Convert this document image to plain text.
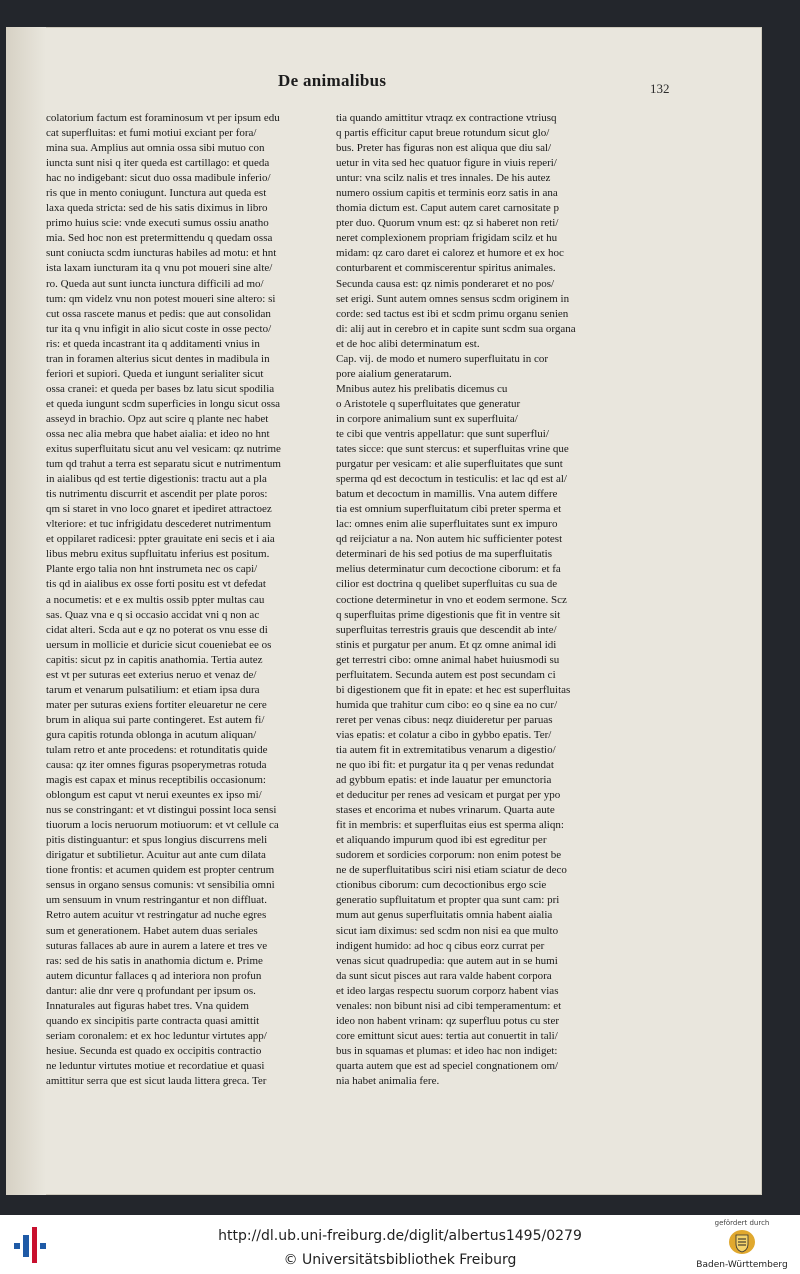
De animalibus	132
colatorium factum est foraminosum vt per ipsum edu
cat superfluitas: et fumi motiui exciant per fora/
mina sua. Amplius aut omnia ossa sibi mutuo con
iuncta sunt nisi q iter queda est cartillago: et queda
hac no indigebant: sicut duo ossa madibule inferio/
ris que in mento coniugunt. Iunctura aut queda est
laxa queda stricta: sed de his satis diximus in libro
primo huius scie: vnde executi sumus ossiu anatho
mia. Sed hoc non est pretermittendu q quedam ossa
sunt coniucta scdm iuncturas habiles ad motu: et hnt
ista laxam iuncturam ita q vnu pot moueri sine alte/
ro. Queda aut sunt iuncta iunctura difficili ad mo/
tum: qm videlz vnu non potest moueri sine altero: si
cut ossa rascete manus et pedis: que aut consolidan
tur ita q vnu infigit in alio sicut coste in osse pecto/
ris: et queda incastrant ita q additamenti vnius in
tran in foramen alterius sicut dentes in madibula in
feriori et supiori. Queda et iungunt serialiter sicut
ossa cranei: et queda per bases bz latu sicut spodilia
et queda iungunt scdm superficies in longu sicut ossa
asseyd in brachio. Opz aut scire q plante nec habet
ossa nec alia mebra que habet aialia: et ideo no hnt
exitus superfluitatu sicut anu vel vesicam: qz nutrime
tum qd trahut a terra est separatu sicut e nutrimentum
in aialibus qd est tertie digestionis: tractu aut a pla
tis nutrimentu discurrit et ascendit per plate poros:
qm si staret in vno loco gnaret et ipediret attractoez
vlteriore: et tuc infrigidatu descederet nutrimentum
et oppilaret radicesi: ppter grauitate eni secis et i aia
libus mebru exitus supfluitatu inferius est positum.
Plante ergo talia non hnt instrumeta nec os capi/
tis qd in aialibus ex osse forti positu est vt defedat
a nocumetis: et e ex multis ossib ppter multas cau
sas. Quaz vna e q si occasio accidat vni q non ac
cidat alteri. Scda aut e qz no poterat os vnu esse di
uersum in mollicie et duricie sicut coueniebat ee os
capitis: sicut pz in capitis anathomia. Tertia autez
est vt per suturas eet exterius neruo et venaz de/
tarum et venarum pulsatilium: et etiam ipsa dura
mater per suturas exiens fortiter eleuaretur ne cere
brum in aliqua sui parte contingeret. Est autem fi/
gura capitis rotunda oblonga in acutum aliquan/
tulam retro et ante procedens: et rotunditatis quide
causa: qz iter omnes figuras psoperymetras rotuda
magis est capax et minus receptibilis occasionum:
oblongum est caput vt nerui exeuntes ex ipso mi/
nus se constringant: et vt distingui possint loca sensi
tiuorum a locis neruorum motiuorum: et vt cellule ca
pitis distinguantur: et spus longius discurrens meli
dirigatur et subtilietur. Acuitur aut ante cum dilata
tione frontis: et acumen quidem est propter centrum
sensus in organo sensus comunis: vt sensibilia omni
um sensuum in vnum restringantur et non diffluat.
Retro autem acuitur vt restringatur ad nuche egres
sum et generationem. Habet autem duas seriales
suturas fallaces ab aure in aurem a latere et tres ve
ras: sed de his satis in anathomia dictum e. Prime
autem dicuntur fallaces q ad interiora non profun
dantur: alie dnr vere q profundant per ipsum os.
Innaturales aut figuras habet tres. Vna quidem
quando ex sincipitis parte contracta quasi amittit
seriam coronalem: et ex hoc leduntur virtutes app/
hesiue. Secunda est quado ex occipitis contractio
ne leduntur virtutes motiue et recordatiue et quasi
amittitur serra que est sicut lauda littera greca. Ter
tia quando amittitur vtraqz ex contractione vtriusq
q partis efficitur caput breue rotundum sicut glo/
bus. Preter has figuras non est aliqua que diu sal/
uetur in vita sed hec quatuor figure in viuis reperi/
untur: vna scilz nalis et tres innales. De his autez
numero ossium capitis et terminis eorz satis in ana
thomia dictum est. Caput autem caret carnositate p
pter duo. Quorum vnum est: qz si haberet non reti/
neret complexionem propriam frigidam scilz et hu
midam: qz caro daret ei calorez et humore et ex hoc
conturbarent et commiscerentur spiritus animales.
Secunda causa est: qz nimis ponderaret et no pos/
set erigi. Sunt autem omnes sensus scdm originem in
corde: sed tactus est ibi et scdm primu organu senien
di: alij aut in cerebro et in capite sunt scdm sua organa
et de hoc alibi determinatum est.
Cap. vij. de modo et numero superfluitatu in cor
pore aialium generatarum.
Mnibus autez his prelibatis dicemus cu
o Aristotele q superfluitates que generatur
in corpore animalium sunt ex superfluita/
te cibi que ventris appellatur: que sunt superflui/
tates sicce: que sunt stercus: et superfluitas vrine que
purgatur per vesicam: et alie superfluitates que sunt
sperma qd est decoctum in testiculis: et lac qd est al/
batum et decoctum in mamillis. Vna autem differe
tia est omnium superfluitatum cibi preter sperma et
lac: omnes enim alie superfluitates sunt ex impuro
qd reijciatur a na. Non autem hic sufficienter potest
determinari de his sed potius de ma superfluitatis
melius determinatur cum decoctione ciborum: et fa
cilior est doctrina q quelibet superfluitas cu sua de
coctione determinetur in vno et eodem sermone. Scz
q superfluitas prime digestionis que fit in ventre sit
superfluitas terrestris grauis que descendit ab inte/
stinis et purgatur per anum. Et qz omne animal idi
get terrestri cibo: omne animal habet huiusmodi su
perfluitatem. Secunda autem est post secundam ci
bi digestionem que fit in epate: et hec est superfluitas
humida que trahitur cum cibo: eo q sine ea no cur/
reret per venas cibus: neqz diuideretur per paruas
vias epatis: et colatur a cibo in gybbo epatis. Ter/
tia autem fit in extremitatibus venarum a digestio/
ne quo ibi fit: et purgatur ita q per venas redundat
ad gybbum epatis: et inde lauatur per emunctoria
et deducitur per renes ad vesicam et purgat per ypo
stases et encorima et nubes vrinarum. Quarta aute
fit in membris: et superfluitas eius est sperma aliqn:
et aliquando impurum quod ibi est egreditur per
sudorem et sordicies corporum: non enim potest be
ne de superfluitatibus sciri nisi etiam sciatur de deco
ctionibus ciborum: cum decoctionibus ergo scie
generatio supfluitatum et propter qua sunt cam: pri
mum aut genus superfluitatis omnia habent aialia
sicut iam diximus: sed scdm non nisi ea que multo
indigent humido: ad hoc q cibus eorz currat per
venas sicut quadrupedia: que autem aut in se humi
da sunt sicut pisces aut rara valde habent corpora
et ideo largas respectu suorum corporz habent vias
venales: non bibunt nisi ad cibi temperamentum: et
ideo non habent vrinam: qz superfluu potus cu ster
core emittunt sicut aues: tertia aut conuertit in tali/
bus in squamas et plumas: et ideo hac non indiget:
quarta autem que est ad speciel congnationem om/
nia habet animalia fere.
http://dl.ub.uni-freiburg.de/diglit/albertus1495/0279
© Universitätsbibliothek Freiburg
gefördert durch
Baden-Württemberg
